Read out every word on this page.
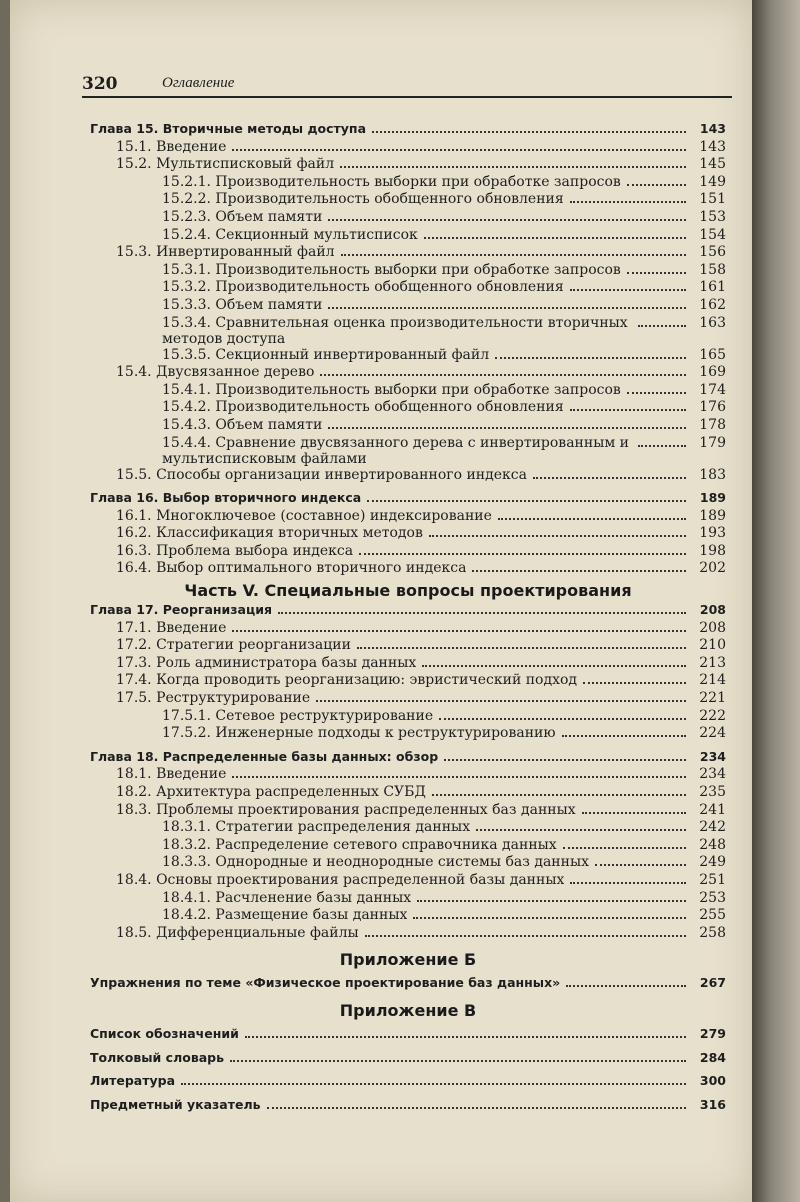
320	Оглавление
Глава 15. Вторичные методы доступа	143
15.1. Введение	143
15.2. Мультисписковый файл	145
15.2.1. Производительность выборки при обработке запросов	149
15.2.2. Производительность обобщенного обновления	151
15.2.3. Объем памяти	153
15.2.4. Секционный мультисписок	154
15.3. Инвертированный файл	156
15.3.1. Производительность выборки при обработке запросов	158
15.3.2. Производительность обобщенного обновления	161
15.3.3. Объем памяти	162
15.3.4. Сравнительная оценка производительности вторичных методов доступа
163
15.3.5. Секционный инвертированный файл	165
15.4. Двусвязанное дерево	169
15.4.1. Производительность выборки при обработке запросов	174
15.4.2. Производительность обобщенного обновления	176
15.4.3. Объем памяти	178
15.4.4. Сравнение двусвязанного дерева с инвертированным и мультисписковым файлами
179
15.5. Способы организации инвертированного индекса	183
Глава 16. Выбор вторичного индекса	189
16.1. Многоключевое (составное) индексирование	189
16.2. Классификация вторичных методов	193
16.3. Проблема выбора индекса	198
16.4. Выбор оптимального вторичного индекса	202
Часть V. Специальные вопросы проектирования
Глава 17. Реорганизация	208
17.1. Введение	208
17.2. Стратегии реорганизации	210
17.3. Роль администратора базы данных	213
17.4. Когда проводить реорганизацию: эвристический подход	214
17.5. Реструктурирование	221
17.5.1. Сетевое реструктурирование	222
17.5.2. Инженерные подходы к реструктурированию	224
Глава 18. Распределенные базы данных: обзор	234
18.1. Введение	234
18.2. Архитектура распределенных СУБД	235
18.3. Проблемы проектирования распределенных баз данных	241
18.3.1. Стратегии распределения данных	242
18.3.2. Распределение сетевого справочника данных	248
18.3.3. Однородные и неоднородные системы баз данных	249
18.4. Основы проектирования распределенной базы данных	251
18.4.1. Расчленение базы данных	253
18.4.2. Размещение базы данных	255
18.5. Дифференциальные файлы	258
Приложение Б
Упражнения по теме «Физическое проектирование баз данных»	267
Приложение В
Список обозначений	279
Толковый словарь	284
Литература	300
Предметный указатель	316
